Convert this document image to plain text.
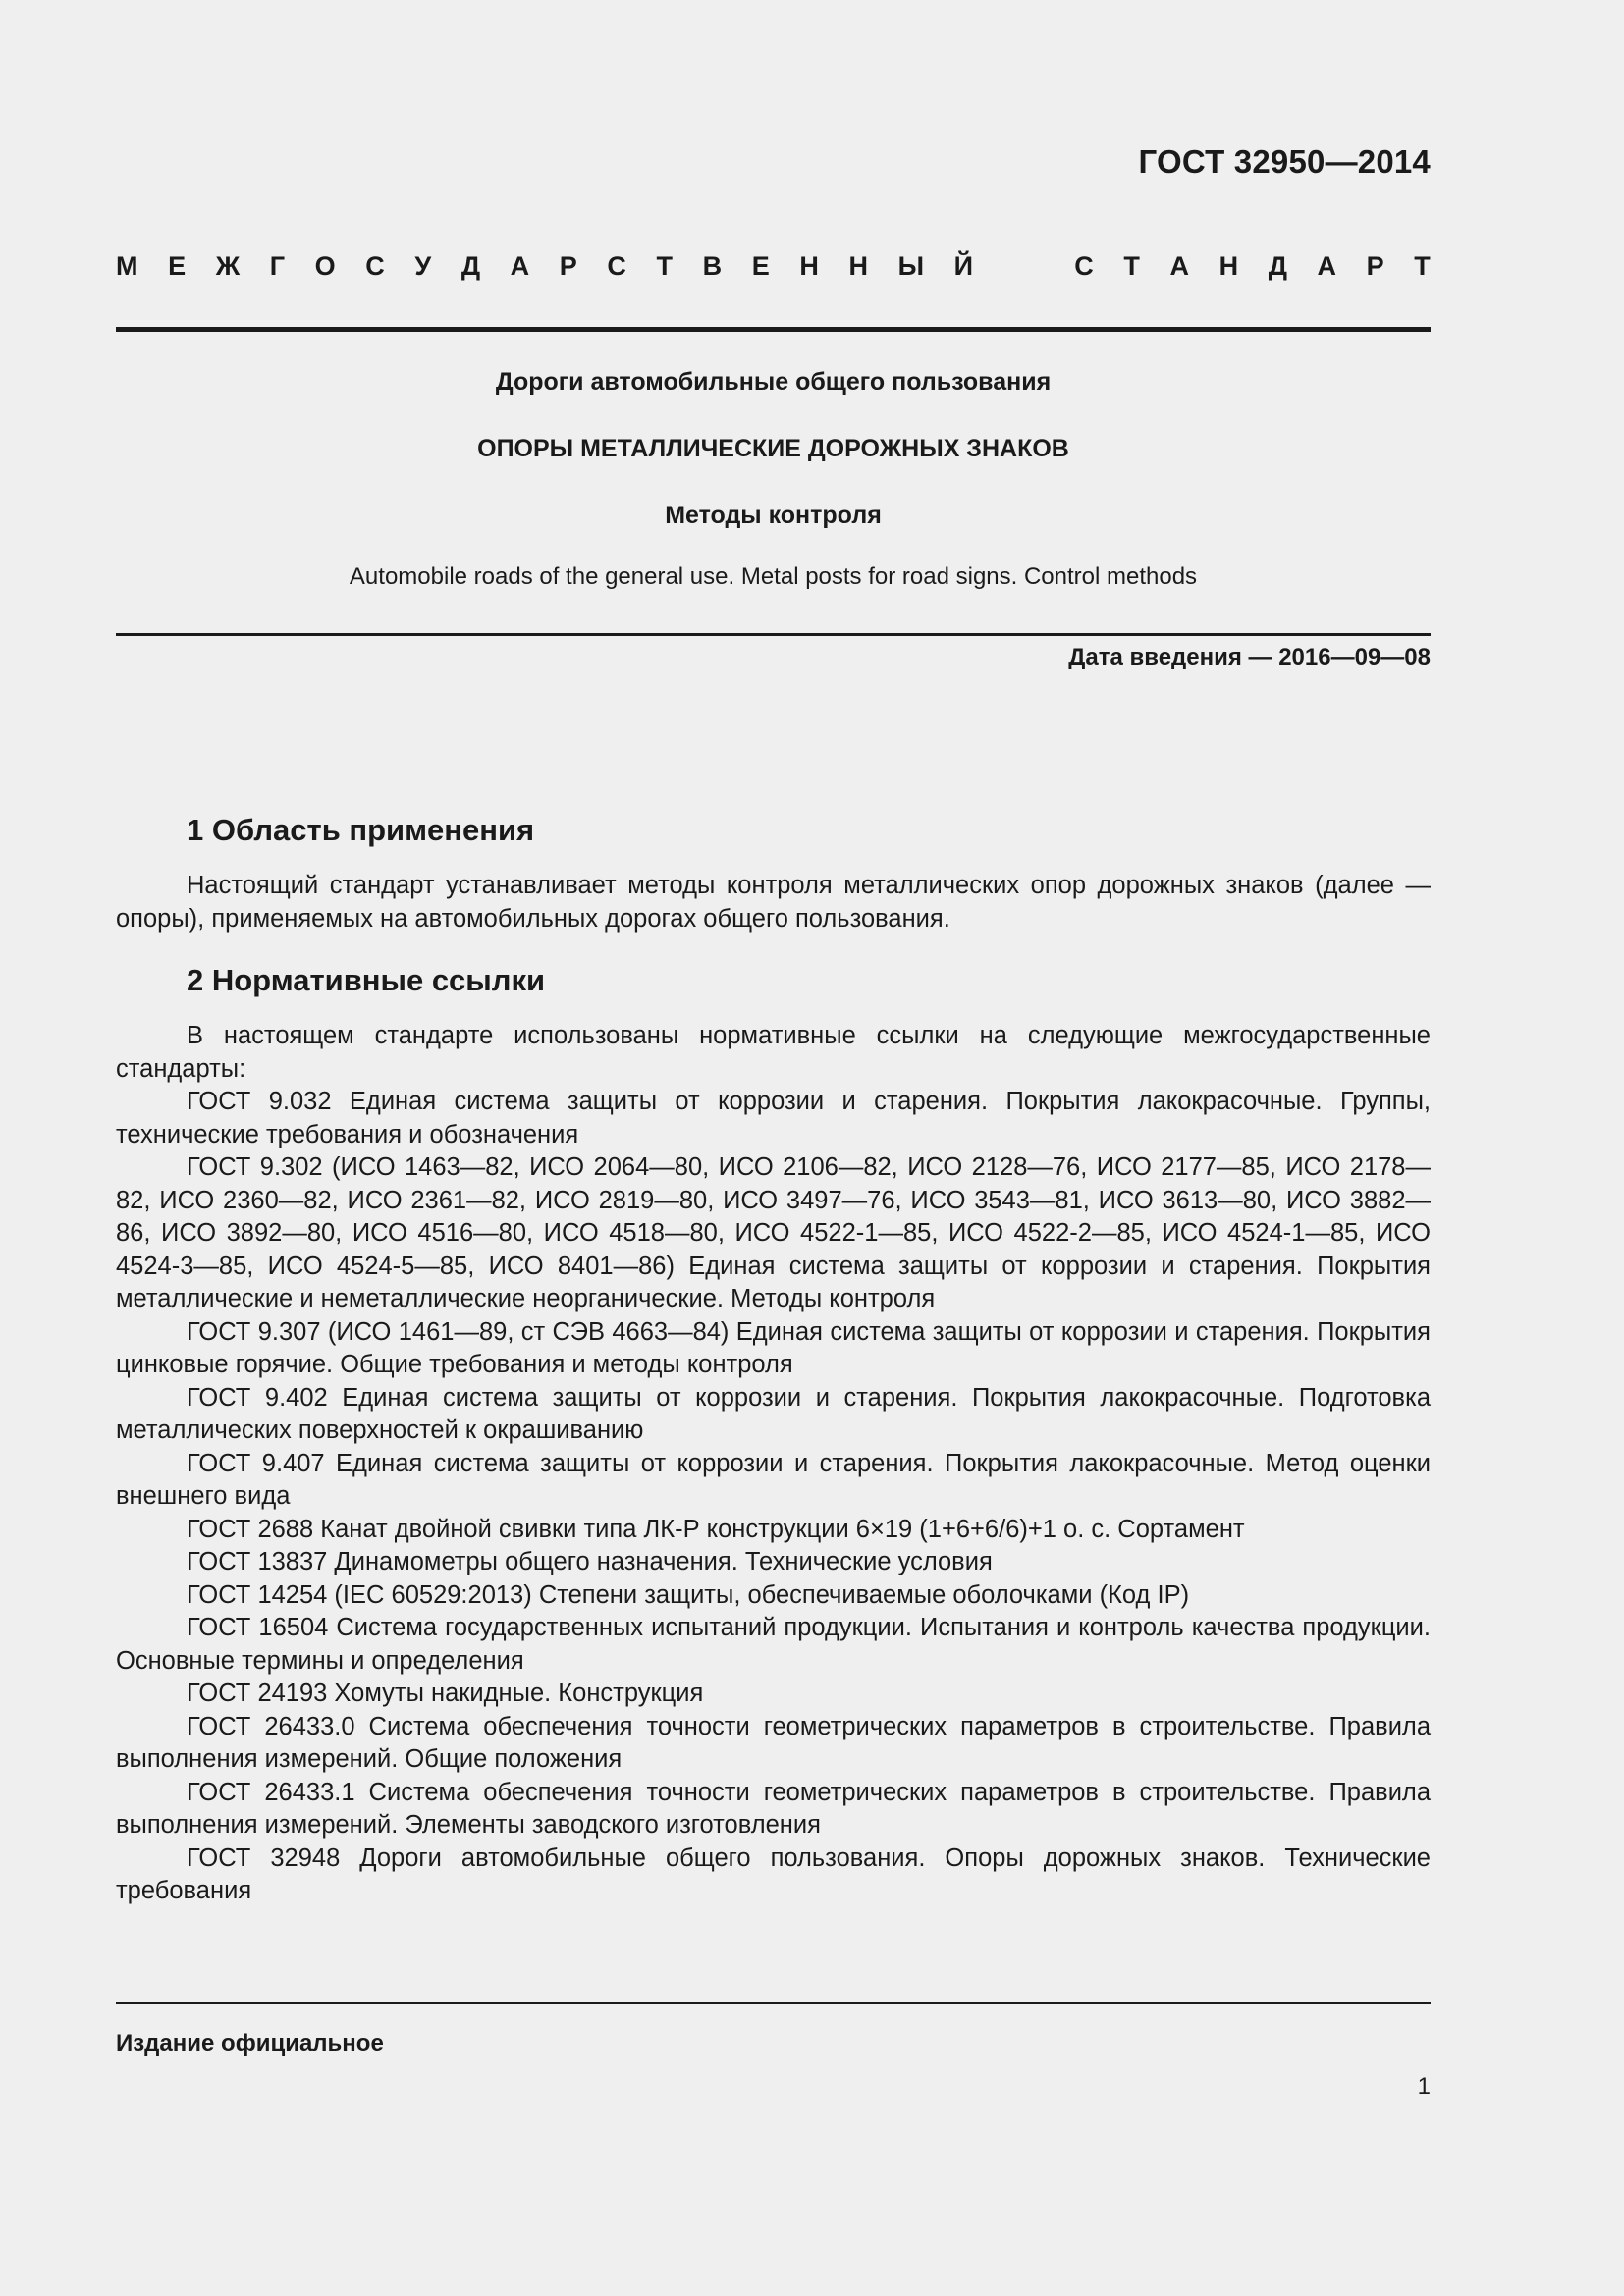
ГОСТ 32950—2014
М Е Ж Г О С У Д А Р С Т В Е Н Н Ы Й
	С Т А Н Д А Р Т
Дороги автомобильные общего пользования
ОПОРЫ МЕТАЛЛИЧЕСКИЕ ДОРОЖНЫХ ЗНАКОВ
Методы контроля
Automobile roads of the general use. Metal posts for road signs. Control methods
Дата введения — 2016—09—08
1 Область применения

Настоящий стандарт устанавливает методы контроля металлических опор дорожных знаков (далее — опоры), применяемых на автомобильных дорогах общего пользования.

2 Нормативные ссылки

В настоящем стандарте использованы нормативные ссылки на следующие межгосударственные стандарты:

ГОСТ 9.032 Единая система защиты от коррозии и старения. Покрытия лакокрасочные. Группы, технические требования и обозначения

ГОСТ 9.302 (ИСО 1463—82, ИСО 2064—80, ИСО 2106—82, ИСО 2128—76, ИСО 2177—85, ИСО 2178—82, ИСО 2360—82, ИСО 2361—82, ИСО 2819—80, ИСО 3497—76, ИСО 3543—81, ИСО 3613—80, ИСО 3882—86, ИСО 3892—80, ИСО 4516—80, ИСО 4518—80, ИСО 4522-1—85, ИСО 4522-2—85, ИСО 4524-1—85, ИСО 4524-3—85, ИСО 4524-5—85, ИСО 8401—86) Единая система защиты от коррозии и старения. Покрытия металлические и неметаллические неорганические. Методы контроля

ГОСТ 9.307 (ИСО 1461—89, ст СЭВ 4663—84) Единая система защиты от коррозии и старения. Покрытия цинковые горячие. Общие требования и методы контроля

ГОСТ 9.402 Единая система защиты от коррозии и старения. Покрытия лакокрасочные. Подготовка металлических поверхностей к окрашиванию

ГОСТ 9.407 Единая система защиты от коррозии и старения. Покрытия лакокрасочные. Метод оценки внешнего вида

ГОСТ 2688 Канат двойной свивки типа ЛК-Р конструкции 6×19 (1+6+6/6)+1 о. с. Сортамент

ГОСТ 13837 Динамометры общего назначения. Технические условия

ГОСТ 14254 (IEC 60529:2013) Степени защиты, обеспечиваемые оболочками (Код IP)

ГОСТ 16504 Система государственных испытаний продукции. Испытания и контроль качества продукции. Основные термины и определения

ГОСТ 24193 Хомуты накидные. Конструкция

ГОСТ 26433.0 Система обеспечения точности геометрических параметров в строительстве. Правила выполнения измерений. Общие положения

ГОСТ 26433.1 Система обеспечения точности геометрических параметров в строительстве. Правила выполнения измерений. Элементы заводского изготовления

ГОСТ 32948 Дороги автомобильные общего пользования. Опоры дорожных знаков. Технические требования

Издание официальное
1
